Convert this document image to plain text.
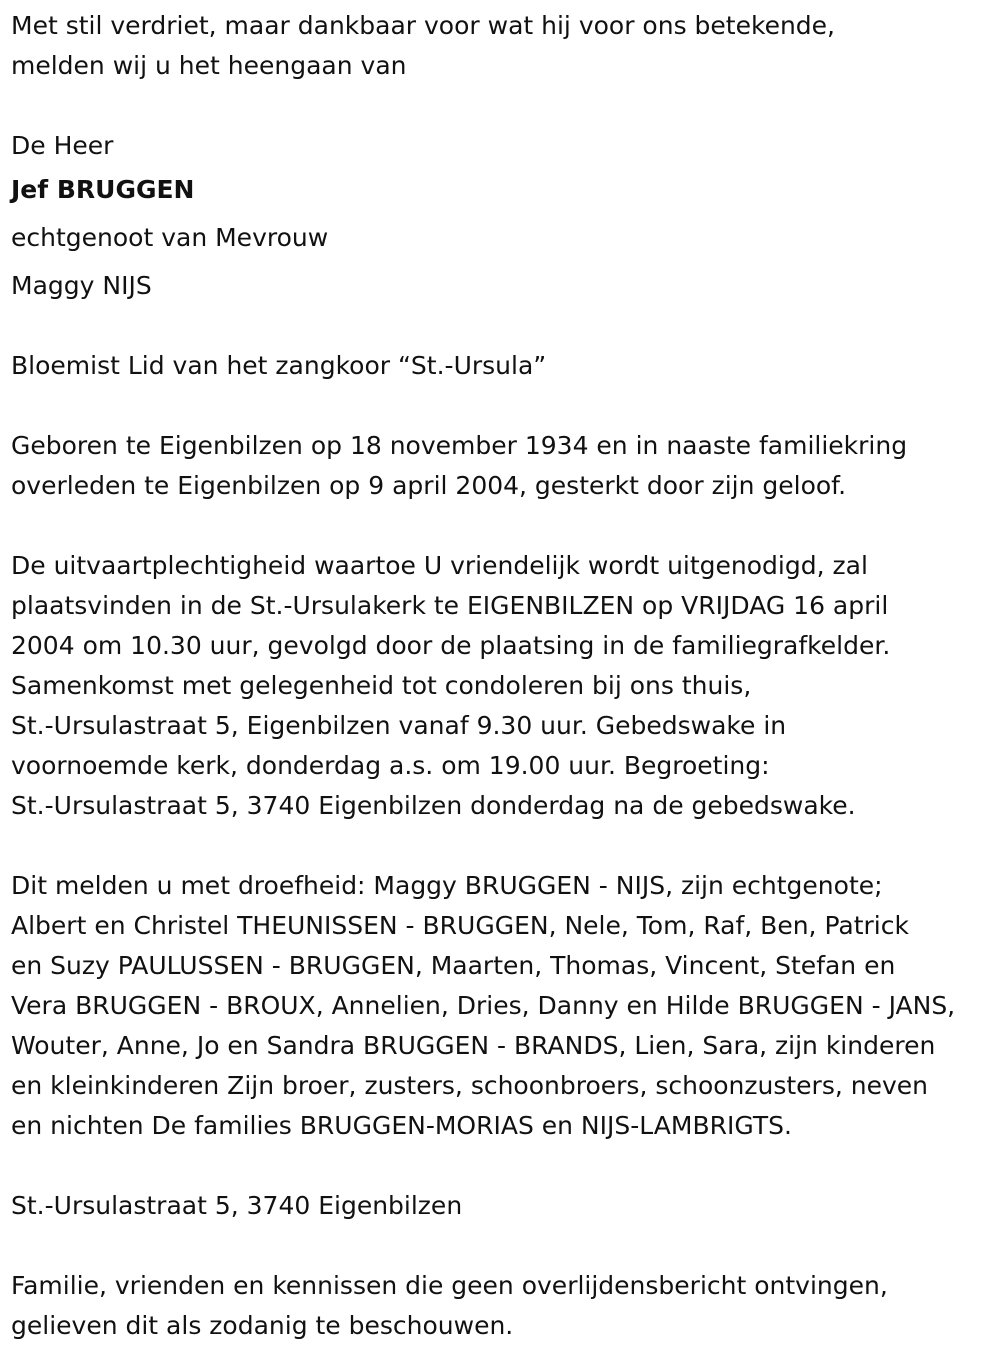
Met stil verdriet, maar dankbaar voor wat hij voor ons betekende,

melden wij u het heengaan van

De Heer

Jef BRUGGEN

echtgenoot van Mevrouw

Maggy NIJS

Bloemist Lid van het zangkoor “St.-Ursula”

Geboren te Eigenbilzen op 18 november 1934 en in naaste familiekring

overleden te Eigenbilzen op 9 april 2004, gesterkt door zijn geloof.

De uitvaartplechtigheid waartoe U vriendelijk wordt uitgenodigd, zal

plaatsvinden in de St.-Ursulakerk te EIGENBILZEN op VRIJDAG 16 april

2004 om 10.30 uur, gevolgd door de plaatsing in de familiegrafkelder.

Samenkomst met gelegenheid tot condoleren bij ons thuis,

St.-Ursulastraat 5, Eigenbilzen vanaf 9.30 uur. Gebedswake in

voornoemde kerk, donderdag a.s. om 19.00 uur. Begroeting:

St.-Ursulastraat 5, 3740 Eigenbilzen donderdag na de gebedswake.

Dit melden u met droefheid: Maggy BRUGGEN - NIJS, zijn echtgenote;

Albert en Christel THEUNISSEN - BRUGGEN, Nele, Tom, Raf, Ben, Patrick

en Suzy PAULUSSEN - BRUGGEN, Maarten, Thomas, Vincent, Stefan en

Vera BRUGGEN - BROUX, Annelien, Dries, Danny en Hilde BRUGGEN - JANS,

Wouter, Anne, Jo en Sandra BRUGGEN - BRANDS, Lien, Sara, zijn kinderen

en kleinkinderen Zijn broer, zusters, schoonbroers, schoonzusters, neven

en nichten De families BRUGGEN-MORIAS en NIJS-LAMBRIGTS.

St.-Ursulastraat 5, 3740 Eigenbilzen

Familie, vrienden en kennissen die geen overlijdensbericht ontvingen,

gelieven dit als zodanig te beschouwen.
